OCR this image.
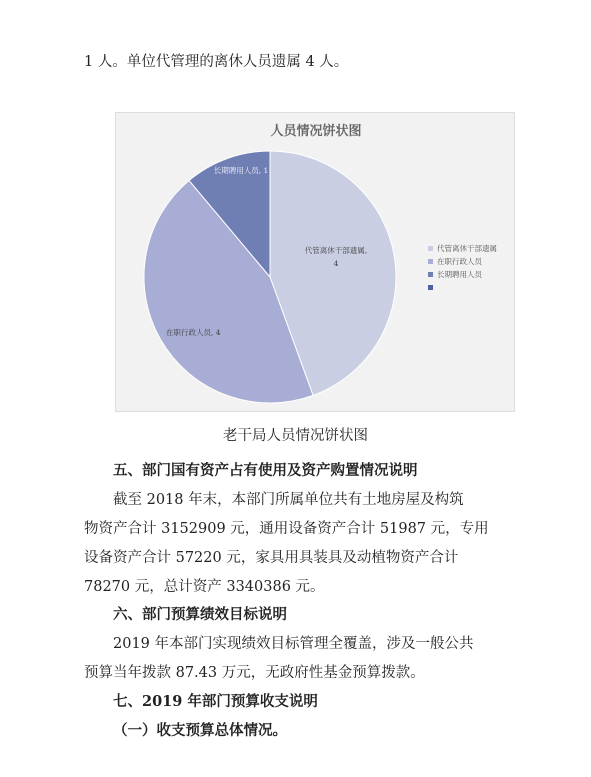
1 人。单位代管理的离休人员遗属 4 人。
人员情况饼状图
代管离休干部遗属, 4
在职行政人员, 4
长期聘用人员, 1
代管离休干部遗属
在职行政人员
长期聘用人员
老干局人员情况饼状图
五、部门国有资产占有使用及资产购置情况说明
截至 2018 年末，本部门所属单位共有土地房屋及构筑
物资产合计 3152909 元，通用设备资产合计 51987 元，专用
设备资产合计 57220 元，家具用具装具及动植物资产合计
78270 元，总计资产 3340386 元。
六、部门预算绩效目标说明
2019 年本部门实现绩效目标管理全覆盖，涉及一般公共
预算当年拨款 87.43 万元，无政府性基金预算拨款。
七、2019 年部门预算收支说明
（一）收支预算总体情况。
